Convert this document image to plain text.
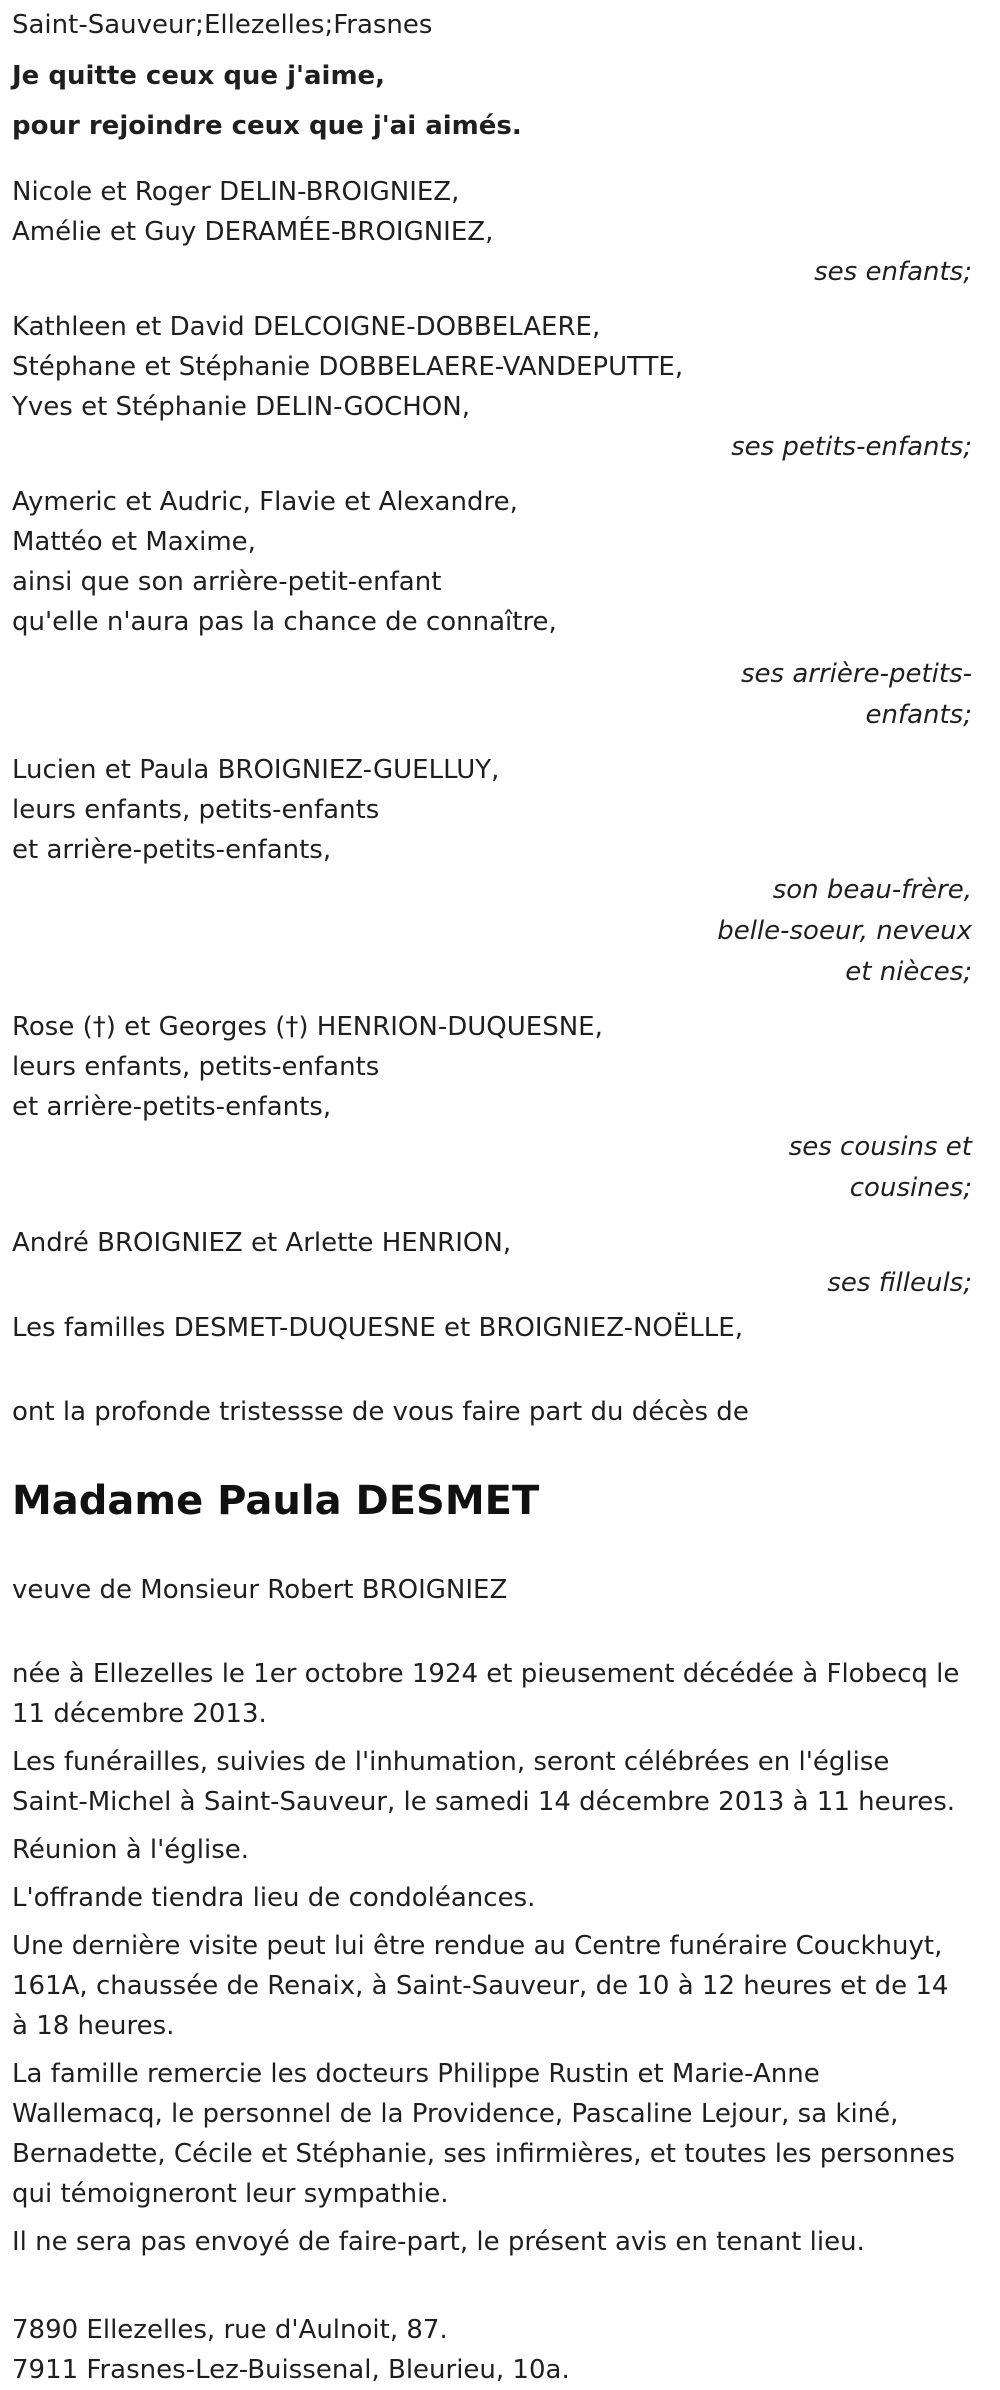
Saint-Sauveur;Ellezelles;Frasnes
Je quitte ceux que j'aime,
pour rejoindre ceux que j'ai aimés.
Nicole et Roger DELIN-BROIGNIEZ,
Amélie et Guy DERAMÉE-BROIGNIEZ,
ses enfants;
Kathleen et David DELCOIGNE-DOBBELAERE,
Stéphane et Stéphanie DOBBELAERE-VANDEPUTTE,
Yves et Stéphanie DELIN-GOCHON,
ses petits-enfants;
Aymeric et Audric, Flavie et Alexandre,
Mattéo et Maxime,
ainsi que son arrière-petit-enfant
qu'elle n'aura pas la chance de connaître,
ses arrière-petits-
enfants;
Lucien et Paula BROIGNIEZ-GUELLUY,
leurs enfants, petits-enfants
et arrière-petits-enfants,
son beau-frère,
belle-soeur, neveux
et nièces;
Rose (†) et Georges (†) HENRION-DUQUESNE,
leurs enfants, petits-enfants
et arrière-petits-enfants,
ses cousins et
cousines;
André BROIGNIEZ et Arlette HENRION,
ses filleuls;
Les familles DESMET-DUQUESNE et BROIGNIEZ-NOËLLE,
ont la profonde tristessse de vous faire part du décès de
Madame Paula DESMET
veuve de Monsieur Robert BROIGNIEZ
née à Ellezelles le 1er octobre 1924 et pieusement décédée à Flobecq le 11 décembre 2013.
Les funérailles, suivies de l'inhumation, seront célébrées en l'église Saint-Michel à Saint-Sauveur, le samedi 14 décembre 2013 à 11 heures.
Réunion à l'église.
L'offrande tiendra lieu de condoléances.
Une dernière visite peut lui être rendue au Centre funéraire Couckhuyt, 161A, chaussée de Renaix, à Saint-Sauveur, de 10 à 12 heures et de 14 à 18 heures.
La famille remercie les docteurs Philippe Rustin et Marie-Anne Wallemacq, le personnel de la Providence, Pascaline Lejour, sa kiné, Bernadette, Cécile et Stéphanie, ses infirmières, et toutes les personnes qui témoigneront leur sympathie.
Il ne sera pas envoyé de faire-part, le présent avis en tenant lieu.
7890 Ellezelles, rue d'Aulnoit, 87.
7911 Frasnes-Lez-Buissenal, Bleurieu, 10a.
